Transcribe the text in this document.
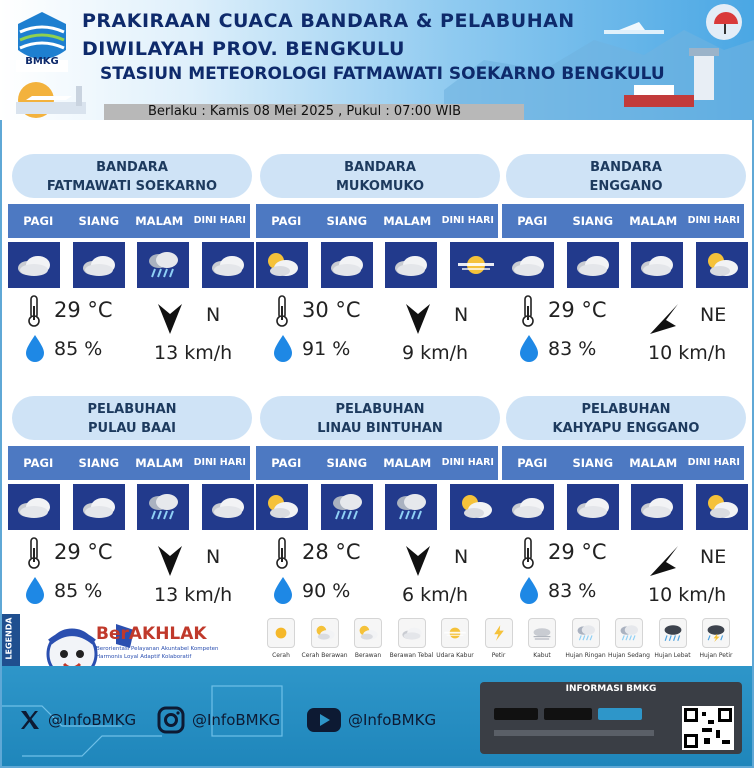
BMKG
PRAKIRAAN CUACA BANDARA & PELABUHAN
DIWILAYAH PROV. BENGKULU
STASIUN METEOROLOGI FATMAWATI SOEKARNO BENGKULU
Berlaku : Kamis 08 Mei 2025 , Pukul : 07:00 WIB
BANDARA
FATMAWATI SOEKARNO
PAGI	SIANG	MALAM	DINI HARI
29 °C
85 %
N
13 km/h
BANDARA
MUKOMUKO
PAGI	SIANG	MALAM	DINI HARI
30 °C
91 %
N
9 km/h
BANDARA
ENGGANO
PAGI	SIANG	MALAM	DINI HARI
29 °C
83 %
NE
10 km/h
PELABUHAN
PULAU BAAI
PAGI	SIANG	MALAM	DINI HARI
29 °C
85 %
N
13 km/h
PELABUHAN
LINAU BINTUHAN
PAGI	SIANG	MALAM	DINI HARI
28 °C
90 %
N
6 km/h
PELABUHAN
KAHYAPU ENGGANO
PAGI	SIANG	MALAM	DINI HARI
29 °C
83 %
NE
10 km/h
LEGENDA	BerAKHLAK
Berorientasi Pelayanan Akuntabel Kompeten
Harmonis Loyal Adaptif Kolaboratif	Cerah	Cerah Berawan	Berawan	Berawan Tebal Udara Kabur	Petir	Kabut	Hujan Ringan Hujan Sedang Hujan Lebat	Hujan Petir
@InfoBMKG	@InfoBMKG	@InfoBMKG
INFORMASI BMKG
